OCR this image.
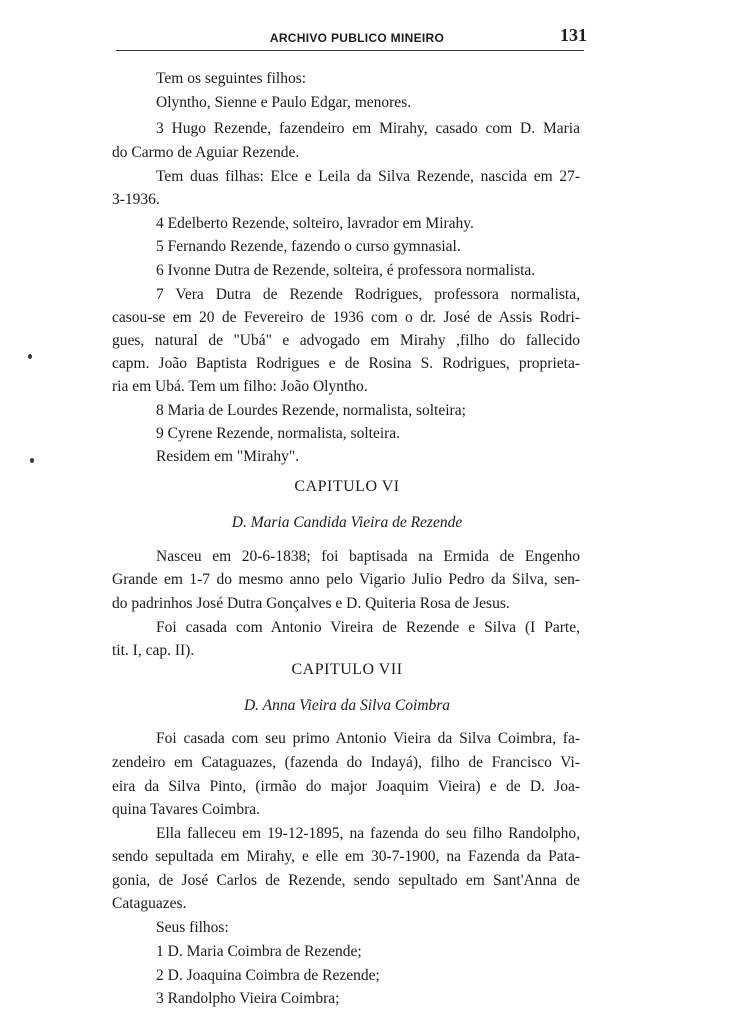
ARCHIVO PUBLICO MINEIRO	131
Tem os seguintes filhos:
Olyntho, Sienne e Paulo Edgar, menores.
3 Hugo Rezende, fazendeiro em Mirahy, casado com D. Maria
do Carmo de Aguiar Rezende.
Tem duas filhas: Elce e Leila da Silva Rezende, nascida em 27-
3-1936.
4 Edelberto Rezende, solteiro, lavrador em Mirahy.
5 Fernando Rezende, fazendo o curso gymnasial.
6 Ivonne Dutra de Rezende, solteira, é professora normalista.
7 Vera Dutra de Rezende Rodrigues, professora normalista,
casou-se em 20 de Fevereiro de 1936 com o dr. José de Assis Rodri-
gues, natural de "Ubá" e advogado em Mirahy ,filho do fallecido
capm. João Baptista Rodrigues e de Rosina S. Rodrigues, proprieta-
ria em Ubá. Tem um filho: João Olyntho.
8 Maria de Lourdes Rezende, normalista, solteira;
9 Cyrene Rezende, normalista, solteira.
Residem em "Mirahy".
CAPITULO VI
D. Maria Candida Vieira de Rezende
Nasceu em 20-6-1838; foi baptisada na Ermida de Engenho
Grande em 1-7 do mesmo anno pelo Vigario Julio Pedro da Silva, sen-
do padrinhos José Dutra Gonçalves e D. Quiteria Rosa de Jesus.
Foi casada com Antonio Vireira de Rezende e Silva (I Parte,
tit. I, cap. II).
CAPITULO VII
D. Anna Vieira da Silva Coimbra
Foi casada com seu primo Antonio Vieira da Silva Coimbra, fa-
zendeiro em Cataguazes, (fazenda do Indayá), filho de Francisco Vi-
eira da Silva Pinto, (irmão do major Joaquim Vieira) e de D. Joa-
quina Tavares Coimbra.
Ella falleceu em 19-12-1895, na fazenda do seu filho Randolpho,
sendo sepultada em Mirahy, e elle em 30-7-1900, na Fazenda da Pata-
gonia, de José Carlos de Rezende, sendo sepultado em Sant'Anna de
Cataguazes.
Seus filhos:
1 D. Maria Coimbra de Rezende;
2 D. Joaquina Coimbra de Rezende;
3 Randolpho Vieira Coimbra;
